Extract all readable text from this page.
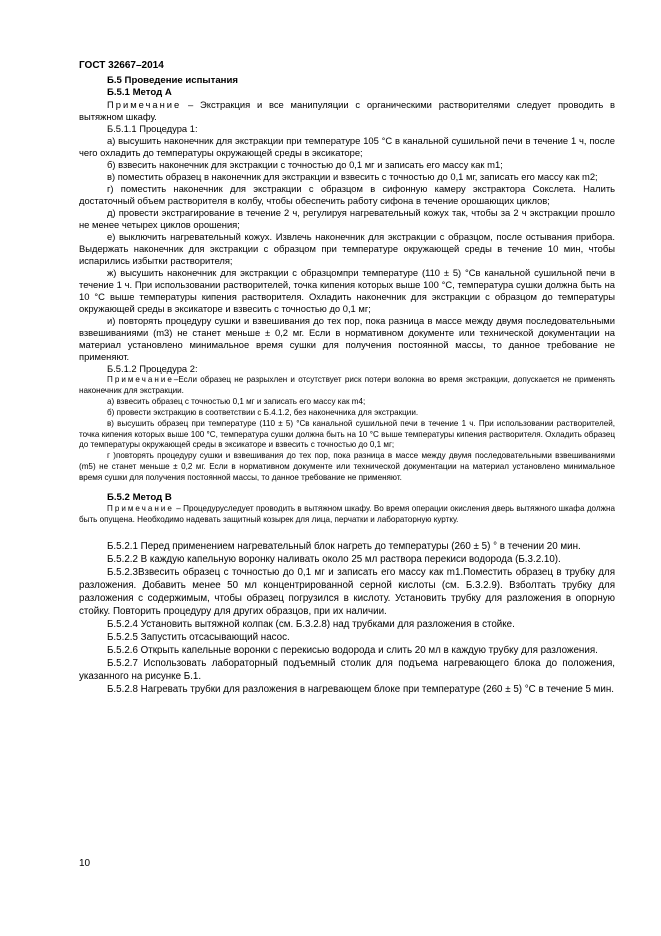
ГОСТ 32667–2014

Б.5 Проведение испытания

Б.5.1 Метод А

Примечание – Экстракция и все манипуляции с органическими растворителями следует проводить в вытяжном шкафу.

Б.5.1.1 Процедура 1:

а) высушить наконечник для экстракции при температуре 105 °С в канальной сушильной печи в течение 1 ч, после чего охладить до температуры окружающей среды в эксикаторе;

б) взвесить наконечник для экстракции с точностью до 0,1 мг и записать его массу как m1;

в) поместить образец в наконечник для экстракции и взвесить с точностью до 0,1 мг, записать его массу как m2;

г) поместить наконечник для экстракции с образцом в сифонную камеру экстрактора Сокслета. Налить достаточный объем растворителя в колбу, чтобы обеспечить работу сифона в течение орошающих циклов;

д) провести экстрагирование в течение 2 ч, регулируя нагревательный кожух так, чтобы за 2 ч экстракции прошло не менее четырех циклов орошения;

е) выключить нагревательный кожух. Извлечь наконечник для экстракции с образцом, после остывания прибора. Выдержать наконечник для экстракции с образцом при температуре окружающей среды в течение 10 мин, чтобы испарились избытки растворителя;

ж) высушить наконечник для экстракции с образцомпри температуре (110 ± 5) °Св канальной сушильной печи в течение 1 ч. При использовании растворителей, точка кипения которых выше 100 °С, температура сушки должна быть на 10 °С выше температуры кипения растворителя. Охладить наконечник для экстракции с образцом до температуры окружающей среды в эксикаторе и взвесить с точностью до 0,1 мг;

и) повторять процедуру сушки и взвешивания до тех пор, пока разница в массе между двумя последовательными взвешиваниями (m3) не станет меньше ± 0,2 мг. Если в нормативном документе или технической документации на материал установлено минимальное время сушки для получения постоянной массы, то данное требование не применяют.

Б.5.1.2 Процедура 2:

Примечание–Если образец не разрыхлен и отсутствует риск потери волокна во время экстракции, допускается не применять наконечник для экстракции.

а) взвесить образец с точностью 0,1 мг и записать его массу как m4;

б) провести экстракцию в соответствии с Б.4.1.2, без наконечника для экстракции.

в) высушить образец при температуре (110 ± 5) °Св канальной сушильной печи в течение 1 ч. При использовании растворителей, точка кипения которых выше 100 °С, температура сушки должна быть на 10 °С выше температуры кипения растворителя. Охладить образец до температуры окружающей среды в эксикаторе и взвесить с точностью до 0,1 мг;

г )повторять процедуру сушки и взвешивания до тех пор, пока разница в массе между двумя последовательными взвешиваниями (m5) не станет меньше ± 0,2 мг. Если в нормативном документе или технической документации на материал установлено минимальное время сушки для получения постоянной массы, то данное требование не применяют.

Б.5.2 Метод В

Примечание – Процедуруследует проводить в вытяжном шкафу. Во время операции окисления дверь вытяжного шкафа должна быть опущена. Необходимо надевать защитный козырек для лица, перчатки и лабораторную куртку.

Б.5.2.1 Перед применением нагревательный блок нагреть до температуры (260 ± 5) ° в течении 20 мин.

Б.5.2.2 В каждую капельную воронку наливать около 25 мл раствора перекиси водорода (Б.3.2.10).

Б.5.2.3Взвесить образец с точностью до 0,1 мг и записать его массу как m1.Поместить образец в трубку для разложения. Добавить менее 50 мл концентрированной серной кислоты (см. Б.3.2.9). Взболтать трубку для разложения с содержимым, чтобы образец погрузился в кислоту. Установить трубку для разложения в опорную стойку. Повторить процедуру для других образцов, при их наличии.

Б.5.2.4 Установить вытяжной колпак (см. Б.3.2.8) над трубками для разложения в стойке.

Б.5.2.5 Запустить отсасывающий насос.

Б.5.2.6 Открыть капельные воронки с перекисью водорода и слить 20 мл в каждую трубку для разложения.

Б.5.2.7 Использовать лабораторный подъемный столик для подъема нагревающего блока до положения, указанного на рисунке Б.1.

Б.5.2.8 Нагревать трубки для разложения в нагревающем блоке при температуре (260 ± 5) °С в течение 5 мин.

10
